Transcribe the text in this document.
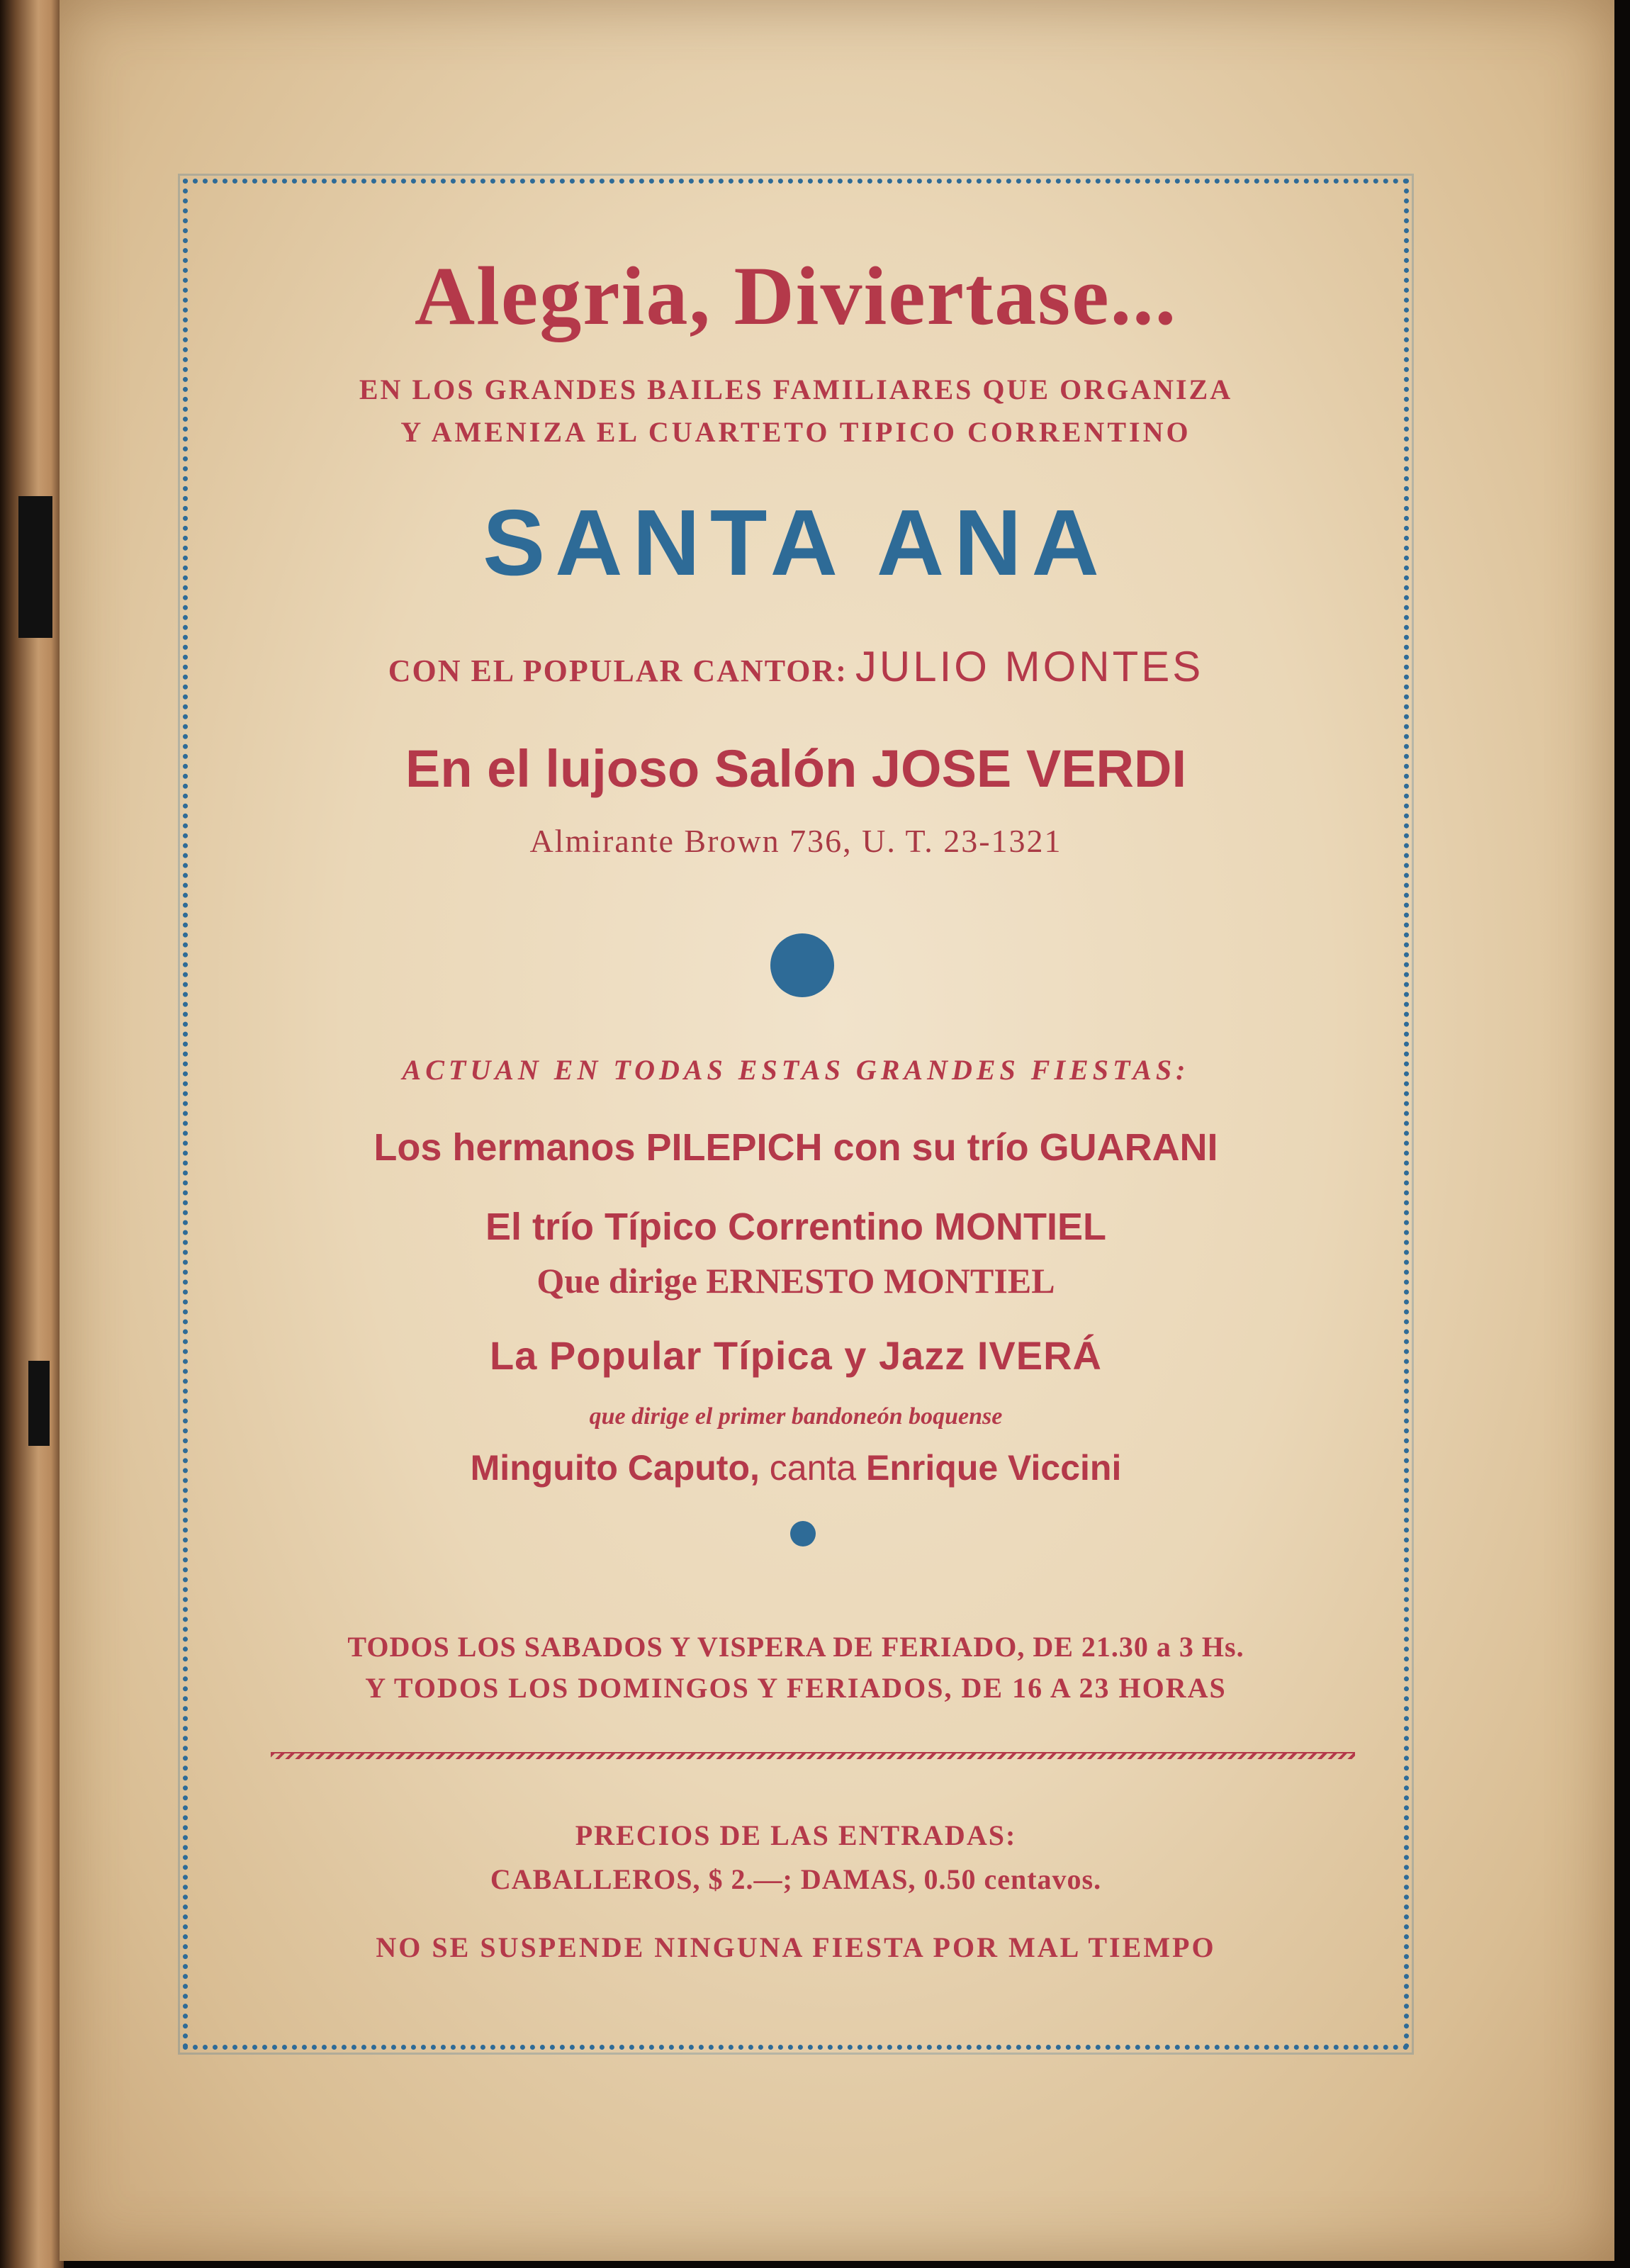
Alegria, Diviertase...
EN LOS GRANDES BAILES FAMILIARES QUE ORGANIZA
Y AMENIZA EL CUARTETO TIPICO CORRENTINO
SANTA ANA
CON EL POPULAR CANTOR: JULIO MONTES
En el lujoso Salón JOSE VERDI
Almirante Brown 736, U. T. 23-1321
ACTUAN EN TODAS ESTAS GRANDES FIESTAS:
Los hermanos PILEPICH con su trío GUARANI
El trío Típico Correntino MONTIEL
Que dirige ERNESTO MONTIEL
La Popular Típica y Jazz IVERÁ
que dirige el primer bandoneón boquense
Minguito Caputo, canta Enrique Viccini
TODOS LOS SABADOS Y VISPERA DE FERIADO, DE 21.30 a 3 Hs.
Y TODOS LOS DOMINGOS Y FERIADOS, DE 16 A 23 HORAS
PRECIOS DE LAS ENTRADAS:
CABALLEROS, $ 2.—; DAMAS, 0.50 centavos.
NO SE SUSPENDE NINGUNA FIESTA POR MAL TIEMPO
